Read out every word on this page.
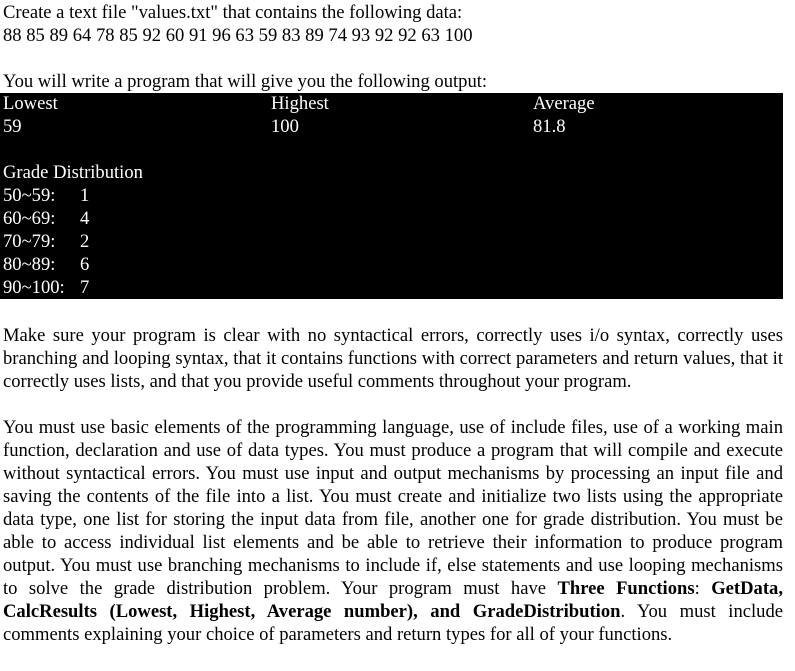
Create a text file "values.txt" that contains the following data:
88 85 89 64 78 85 92 60 91 96 63 59 83 89 74 93 92 92 63 100
You will write a program that will give you the following output:
Lowest	Highest	Average
59	100	81.8
Grade Distribution
50~59: 1
60~69: 4
70~79: 2
80~89: 6
90~100: 7
Make sure your program is clear with no syntactical errors, correctly uses i/o syntax, correctly uses branching and looping syntax, that it contains functions with correct parameters and return values, that it correctly uses lists, and that you provide useful comments throughout your program.
You must use basic elements of the programming language, use of include files, use of a working main function, declaration and use of data types. You must produce a program that will compile and execute without syntactical errors. You must use input and output mechanisms by processing an input file and saving the contents of the file into a list. You must create and initialize two lists using the appropriate data type, one list for storing the input data from file, another one for grade distribution. You must be able to access individual list elements and be able to retrieve their information to produce program output. You must use branching mechanisms to include if, else statements and use looping mechanisms to solve the grade distribution problem. Your program must have Three Functions: GetData, CalcResults (Lowest, Highest, Average number), and GradeDistribution. You must include comments explaining your choice of parameters and return types for all of your functions.
